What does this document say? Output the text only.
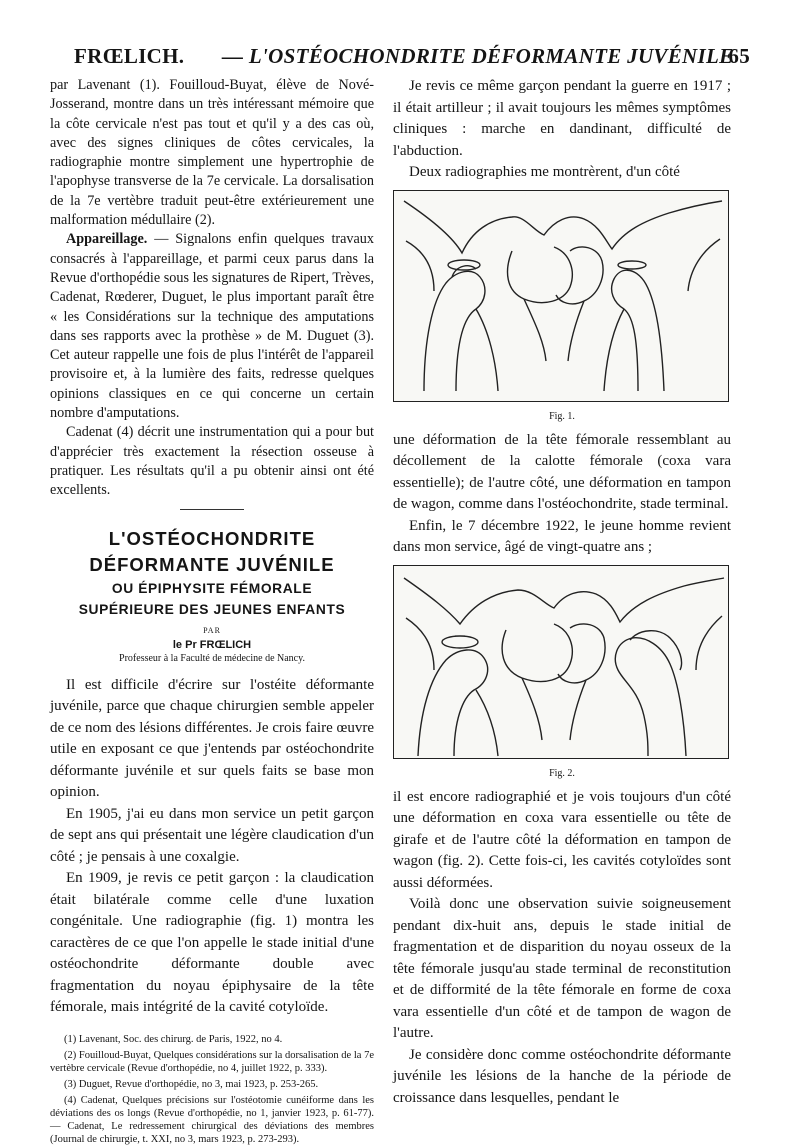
FRŒLICH. — L'OSTÉOCHONDRITE DÉFORMANTE JUVÉNILE
65

par Lavenant (1). Fouilloud-Buyat, élève de Nové-Josserand, montre dans un très intéressant mémoire que la côte cervicale n'est pas tout et qu'il y a des cas où, avec des signes cliniques de côtes cervicales, la radiographie montre simplement une hypertrophie de l'apophyse transverse de la 7e cervicale. La dorsalisation de la 7e vertèbre traduit peut-être extérieurement une malformation médullaire (2).

Appareillage. — Signalons enfin quelques travaux consacrés à l'appareillage, et parmi ceux parus dans la Revue d'orthopédie sous les signatures de Ripert, Trèves, Cadenat, Rœderer, Duguet, le plus important paraît être « les Considérations sur la technique des amputations dans ses rapports avec la prothèse » de M. Duguet (3). Cet auteur rappelle une fois de plus l'intérêt de l'appareil provisoire et, à la lumière des faits, redresse quelques opinions classiques en ce qui concerne un certain nombre d'amputations.

Cadenat (4) décrit une instrumentation qui a pour but d'apprécier très exactement la résection osseuse à pratiquer. Les résultats qu'il a pu obtenir ainsi ont été excellents.

L'OSTÉOCHONDRITE
DÉFORMANTE JUVÉNILE
OU ÉPIPHYSITE FÉMORALE
SUPÉRIEURE DES JEUNES ENFANTS
PAR
le Pr FRŒLICH
Professeur à la Faculté de médecine de Nancy.

Il est difficile d'écrire sur l'ostéite déformante juvénile, parce que chaque chirurgien semble appeler de ce nom des lésions différentes. Je crois faire œuvre utile en exposant ce que j'entends par ostéochondrite déformante juvénile et sur quels faits se base mon opinion.

En 1905, j'ai eu dans mon service un petit garçon de sept ans qui présentait une légère claudication d'un côté ; je pensais à une coxalgie.

En 1909, je revis ce petit garçon : la claudication était bilatérale comme celle d'une luxation congénitale. Une radiographie (fig. 1) montra les caractères de ce que l'on appelle le stade initial d'une ostéochondrite déformante double avec fragmentation du noyau épiphysaire de la tête fémorale, mais intégrité de la cavité cotyloïde.

(1) Lavenant, Soc. des chirurg. de Paris, 1922, no 4.

(2) Fouilloud-Buyat, Quelques considérations sur la dorsalisation de la 7e vertèbre cervicale (Revue d'orthopédie, no 4, juillet 1922, p. 333).

(3) Duguet, Revue d'orthopédie, no 3, mai 1923, p. 253-265.

(4) Cadenat, Quelques précisions sur l'ostéotomie cunéiforme dans les déviations des os longs (Revue d'orthopédie, no 1, janvier 1923, p. 61-77). — Cadenat, Le redressement chirurgical des déviations des membres (Journal de chirurgie, t. XXI, no 3, mars 1923, p. 273-293).

Je revis ce même garçon pendant la guerre en 1917 ; il était artilleur ; il avait toujours les mêmes symptômes cliniques : marche en dandinant, difficulté de l'abduction.

Deux radiographies me montrèrent, d'un côté

Fig. 1.

une déformation de la tête fémorale ressemblant au décollement de la calotte fémorale (coxa vara essentielle); de l'autre côté, une déformation en tampon de wagon, comme dans l'ostéochondrite, stade terminal.

Enfin, le 7 décembre 1922, le jeune homme revient dans mon service, âgé de vingt-quatre ans ;

Fig. 2.

il est encore radiographié et je vois toujours d'un côté une déformation en coxa vara essentielle ou tête de girafe et de l'autre côté la déformation en tampon de wagon (fig. 2). Cette fois-ci, les cavités cotyloïdes sont aussi déformées.

Voilà donc une observation suivie soigneusement pendant dix-huit ans, depuis le stade initial de fragmentation et de disparition du noyau osseux de la tête fémorale jusqu'au stade terminal de reconstitution et de difformité de la tête fémorale en forme de coxa vara essentielle d'un côté et de tampon de wagon de l'autre.

Je considère donc comme ostéochondrite déformante juvénile les lésions de la hanche de la période de croissance dans lesquelles, pendant le
